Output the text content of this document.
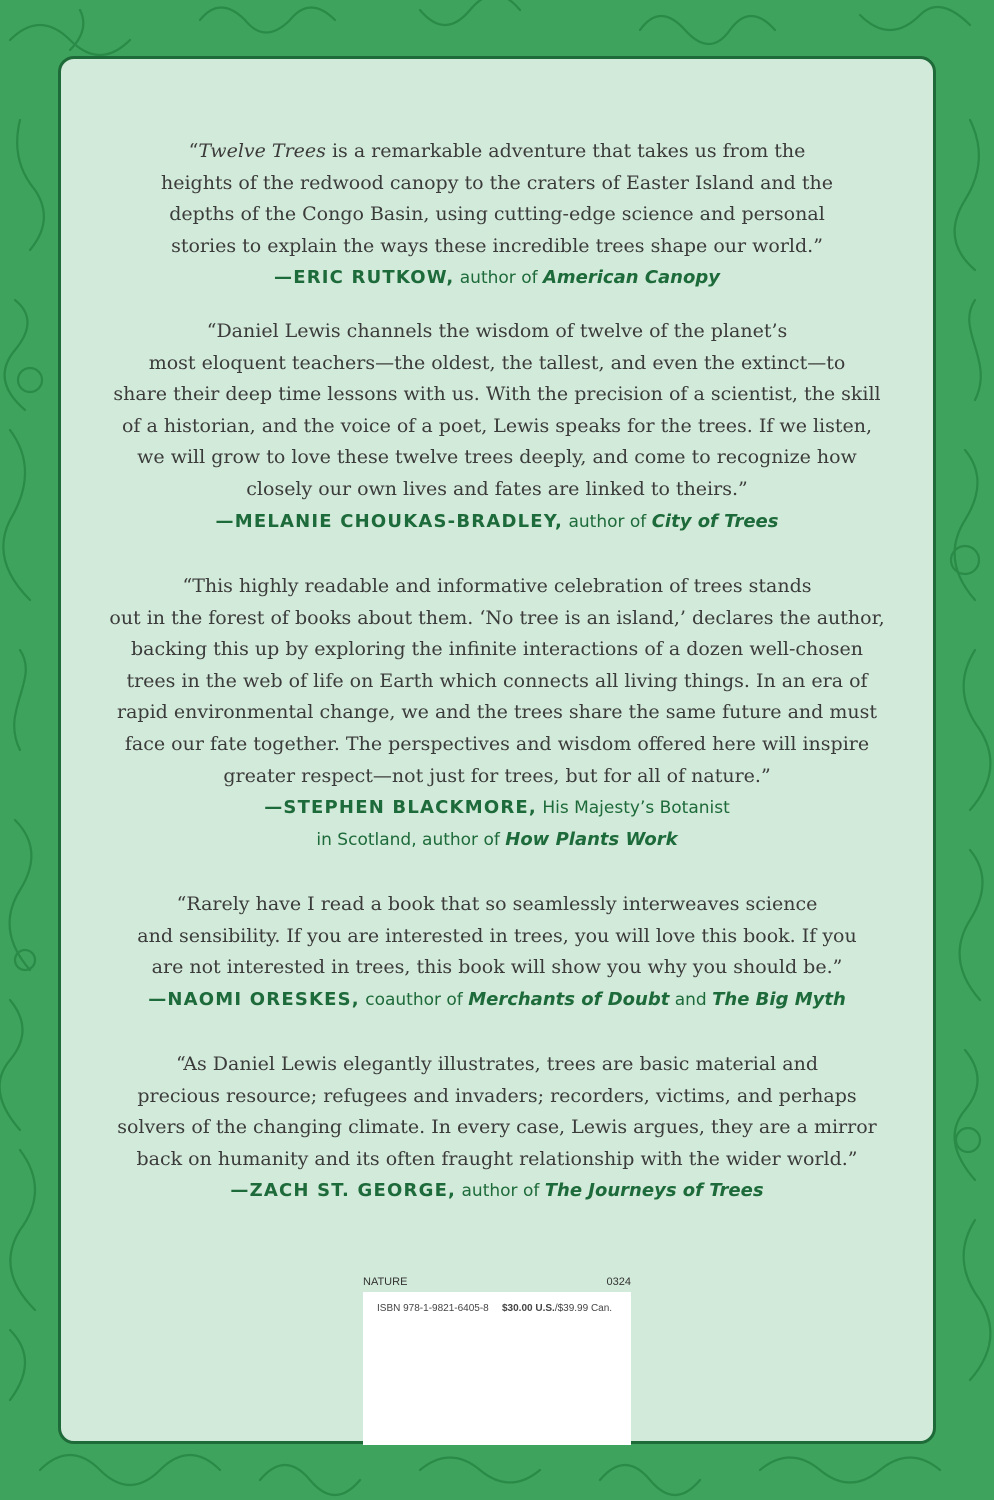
“Twelve Trees is a remarkable adventure that takes us from the
heights of the redwood canopy to the craters of Easter Island and the
depths of the Congo Basin, using cutting-edge science and personal
stories to explain the ways these incredible trees shape our world.”

—ERIC RUTKOW, author of American Canopy

“Daniel Lewis channels the wisdom of twelve of the planet’s
most eloquent teachers—the oldest, the tallest, and even the extinct—to
share their deep time lessons with us. With the precision of a scientist, the skill
of a historian, and the voice of a poet, Lewis speaks for the trees. If we listen,
we will grow to love these twelve trees deeply, and come to recognize how
closely our own lives and fates are linked to theirs.”

—MELANIE CHOUKAS-BRADLEY, author of City of Trees

“This highly readable and informative celebration of trees stands
out in the forest of books about them. ‘No tree is an island,’ declares the author,
backing this up by exploring the infinite interactions of a dozen well-chosen
trees in the web of life on Earth which connects all living things. In an era of
rapid environmental change, we and the trees share the same future and must
face our fate together. The perspectives and wisdom offered here will inspire
greater respect—not just for trees, but for all of nature.”

—STEPHEN BLACKMORE, His Majesty’s Botanist
in Scotland, author of How Plants Work

“Rarely have I read a book that so seamlessly interweaves science
and sensibility. If you are interested in trees, you will love this book. If you
are not interested in trees, this book will show you why you should be.”

—NAOMI ORESKES, coauthor of Merchants of Doubt and The Big Myth

“As Daniel Lewis elegantly illustrates, trees are basic material and
precious resource; refugees and invaders; recorders, victims, and perhaps
solvers of the changing climate. In every case, Lewis argues, they are a mirror
back on humanity and its often fraught relationship with the wider world.”

—ZACH ST. GEORGE, author of The Journeys of Trees
NATURE	0324
ISBN 978-1-9821-6405-8 $30.00 U.S./$39.99 Can.
